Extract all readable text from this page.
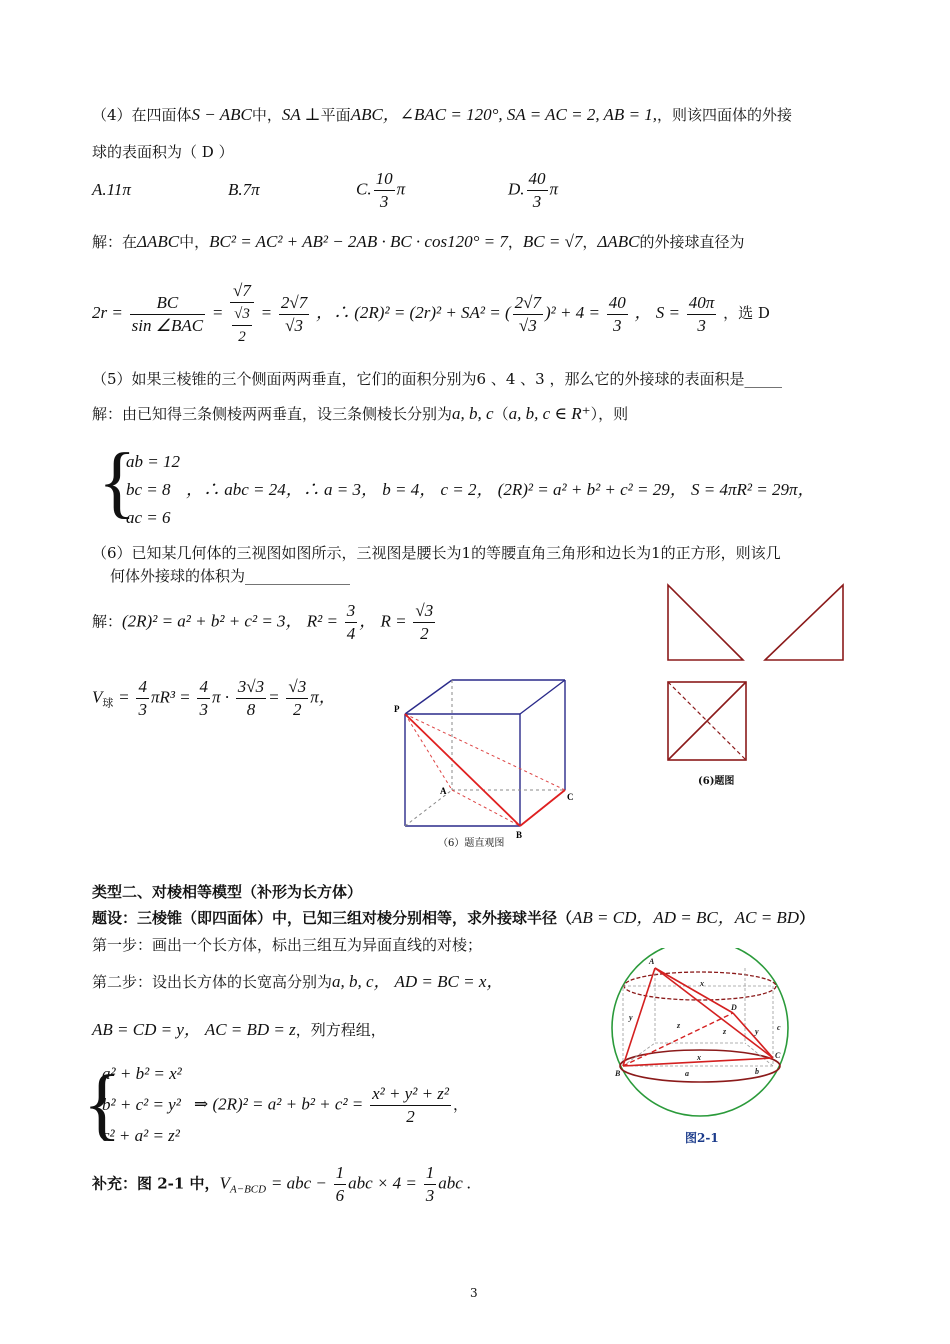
（4）在四面体S − ABC中，SA ⊥平面ABC，∠BAC = 120°, SA = AC = 2, AB = 1,，则该四面体的外接
球的表面积为（ D ）
A.11π	B.7π	C. $\frac{10}{3}$ π	D. $\frac{40}{3}$ π
解：在ΔABC中，BC² = AC² + AB² − 2AB · BC · cos120° = 7，BC = √7，ΔABC的外接球直径为
$2r = \frac{BC}{\text{sin ∠BAC}} = \frac{√7}{\frac{√3}{2}} = \frac{2√7}{√3}$ ，∴ (2R)² = (2r)² + SA² = ( $\frac{2√7}{√3} )^2 + 4 = \frac{40}{3}$ ， $S = \frac{40\pi}{3}$ ，选 D
（5）如果三棱锥的三个侧面两两垂直，它们的面积分别为6 、4 、3 ，那么它的外接球的表面积是_____
解：由已知得三条侧棱两两垂直，设三条侧棱长分别为a, b, c（a, b, c ∈ R⁺），则
{
ab = 12
bc = 8
ac = 6
，∴ abc = 24，∴ a = 3， b = 4， c = 2， (2R)² = a² + b² + c² = 29， S = 4πR² = 29π，
（6）已知某几何体的三视图如图所示，三视图是腰长为1的等腰直角三角形和边长为1的正方形，则该几
何体外接球的体积为______________
解：(2R)² = a² + b² + c² = 3， $R^2 = \frac{3}{4}$ ， $R = \frac{√3}{2}$
$V_球 = \frac{4}{3} \pi R^3 = \frac{4}{3}$ $\pi \cdot \frac{3√3}{8} = \frac{√3}{2}$ π，
P
A
B
C
（6）题直观图
(6)题图
类型二、对棱相等模型（补形为长方体）
题设：三棱锥（即四面体）中，已知三组对棱分别相等，求外接球半径（AB = CD，AD = BC，AC = BD）
第一步：画出一个长方体，标出三组互为异面直线的对棱；
第二步：设出长方体的长宽高分别为a, b, c， AD = BC = x，
AB = CD = y， AC = BD = z，列方程组，
{
a² + b² = x²
b² + c² = y²
c² + a² = z²
⇒ $(2R)^2 = a^2 + b^2 + c^2 = \frac{\text{x² + y² + z²}}{2}$ ，
补充：图 2-1 中，$V_{A-BCD}$ = abc − $\frac{1}{6}$ abc × $4 = \frac{1}{3}$ abc .
A
D
B
C
x
y
z
x
y
z
a	b
c
图2-1
3
